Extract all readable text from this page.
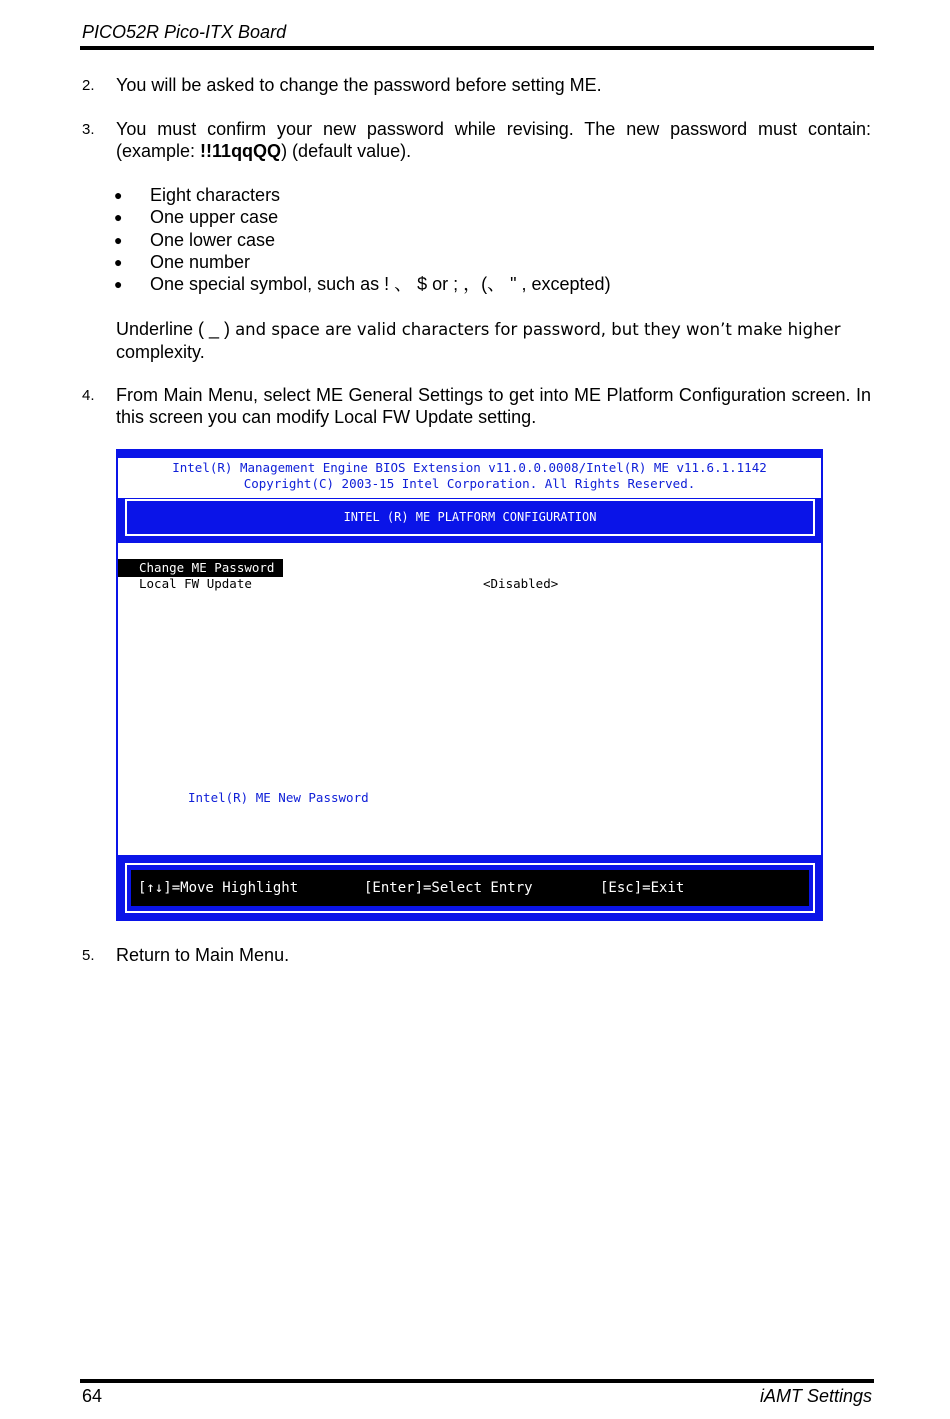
PICO52R Pico-ITX Board
2. You will be asked to change the password before setting ME.
3. You must confirm your new password while revising. The new password must contain: (example: !!11qqQQ) (default value).
● Eight characters
● One upper case
● One lower case
● One number
● One special symbol, such as ! 、 $ or ; ，(、 " , excepted)
Underline ( _ ) and space are valid characters for password, but they won’t make higher complexity.
4. From Main Menu, select ME General Settings to get into ME Platform Configuration screen. In this screen you can modify Local FW Update setting.
Intel(R) Management Engine BIOS Extension v11.0.0.0008/Intel(R) ME v11.6.1.1142
Copyright(C) 2003-15 Intel Corporation. All Rights Reserved.
INTEL (R) ME PLATFORM CONFIGURATION
Change ME Password
Local FW Update	<Disabled>
Intel(R) ME New Password
[↑↓]=Move Highlight	[Enter]=Select Entry	[Esc]=Exit
5. Return to Main Menu.
64	iAMT Settings
